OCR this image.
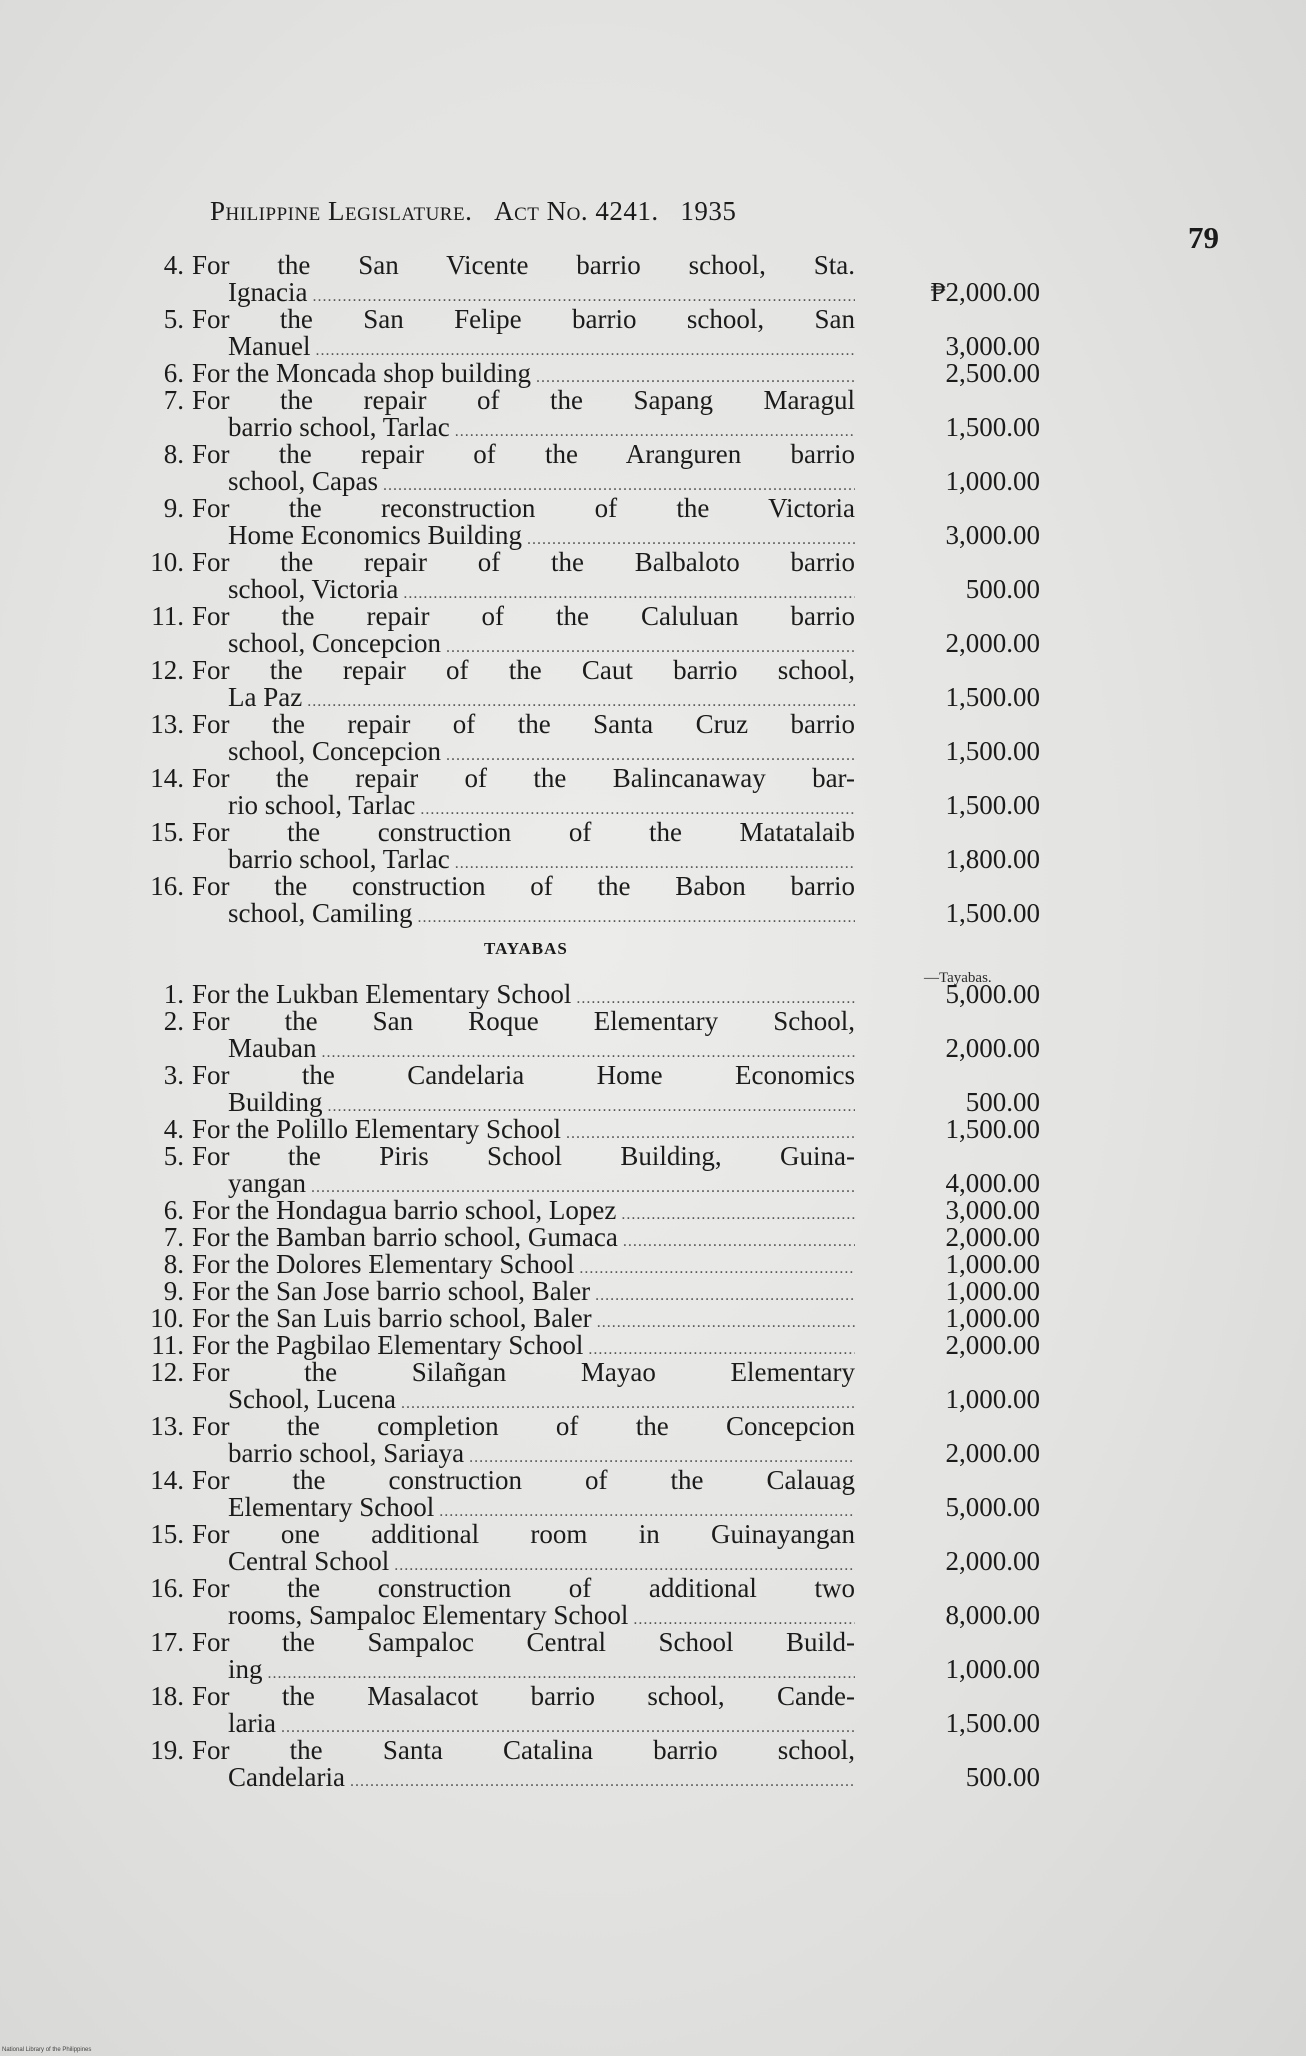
Philippine Legislature. Act No. 4241. 1935
79
4. For the San Vicente barrio school, Sta.
Ignacia .....	₱2,000.00
5. For the San Felipe barrio school, San
Manuel .....	3,000.00
6. For the Moncada shop building .....	2,500.00
7. For the repair of the Sapang Maragul
barrio school, Tarlac .....	1,500.00
8. For the repair of the Aranguren barrio
school, Capas .....	1,000.00
9. For the reconstruction of the Victoria
Home Economics Building .....	3,000.00
10. For the repair of the Balbaloto barrio
school, Victoria .....	500.00
11. For the repair of the Caluluan barrio
school, Concepcion .....	2,000.00
12. For the repair of the Caut barrio school,
La Paz .....	1,500.00
13. For the repair of the Santa Cruz barrio
school, Concepcion .....	1,500.00
14. For the repair of the Balincanaway bar-
rio school, Tarlac .....	1,500.00
15. For the construction of the Matatalaib
barrio school, Tarlac .....	1,800.00
16. For the construction of the Babon barrio
school, Camiling .....	1,500.00
TAYABAS
1. For the Lukban Elementary School .....	5,000.00
2. For the San Roque Elementary School,
Mauban .....	2,000.00
3. For the Candelaria Home Economics
Building .....	500.00
4. For the Polillo Elementary School .....	1,500.00
5. For the Piris School Building, Guina-
yangan .....	4,000.00
6. For the Hondagua barrio school, Lopez .....	3,000.00
7. For the Bamban barrio school, Gumaca .....	2,000.00
8. For the Dolores Elementary School .....	1,000.00
9. For the San Jose barrio school, Baler .....	1,000.00
10. For the San Luis barrio school, Baler .....	1,000.00
11. For the Pagbilao Elementary School .....	2,000.00
12. For the Silañgan Mayao Elementary
School, Lucena .....	1,000.00
13. For the completion of the Concepcion
barrio school, Sariaya .....	2,000.00
14. For the construction of the Calauag
Elementary School .....	5,000.00
15. For one additional room in Guinayangan
Central School .....	2,000.00
16. For the construction of additional two
rooms, Sampaloc Elementary School .....	8,000.00
17. For the Sampaloc Central School Build-
ing .....	1,000.00
18. For the Masalacot barrio school, Cande-
laria .....	1,500.00
19. For the Santa Catalina barrio school,
Candelaria .....	500.00
—Tayabas.
National Library of the Philippines
